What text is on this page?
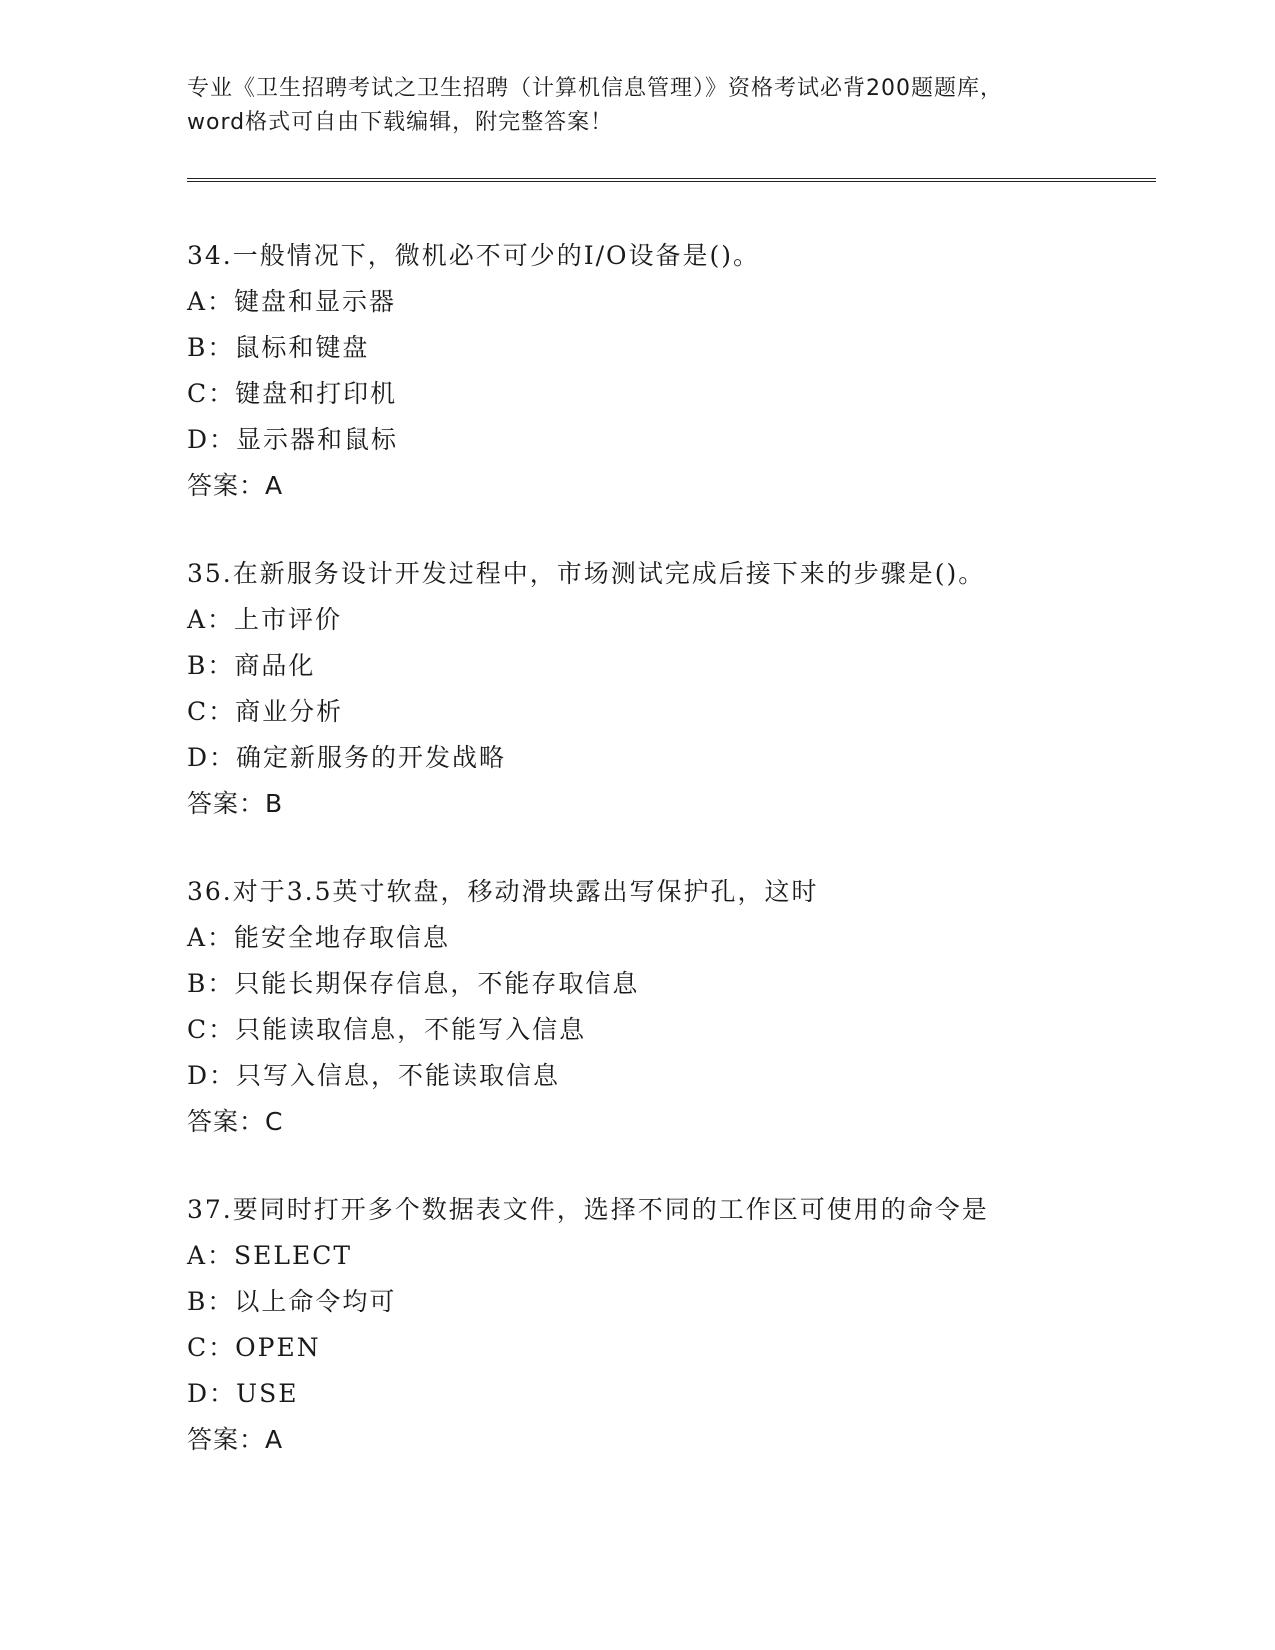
专业《卫生招聘考试之卫生招聘（计算机信息管理）》资格考试必背200题题库，
word格式可自由下载编辑，附完整答案！
34.一般情况下，微机必不可少的I/O设备是()。
A：键盘和显示器
B：鼠标和键盘
C：键盘和打印机
D：显示器和鼠标
答案：A
35.在新服务设计开发过程中，市场测试完成后接下来的步骤是()。
A：上市评价
B：商品化
C：商业分析
D：确定新服务的开发战略
答案：B
36.对于3.5英寸软盘，移动滑块露出写保护孔，这时
A：能安全地存取信息
B：只能长期保存信息，不能存取信息
C：只能读取信息，不能写入信息
D：只写入信息，不能读取信息
答案：C
37.要同时打开多个数据表文件，选择不同的工作区可使用的命令是
A：SELECT
B：以上命令均可
C：OPEN
D：USE
答案：A
